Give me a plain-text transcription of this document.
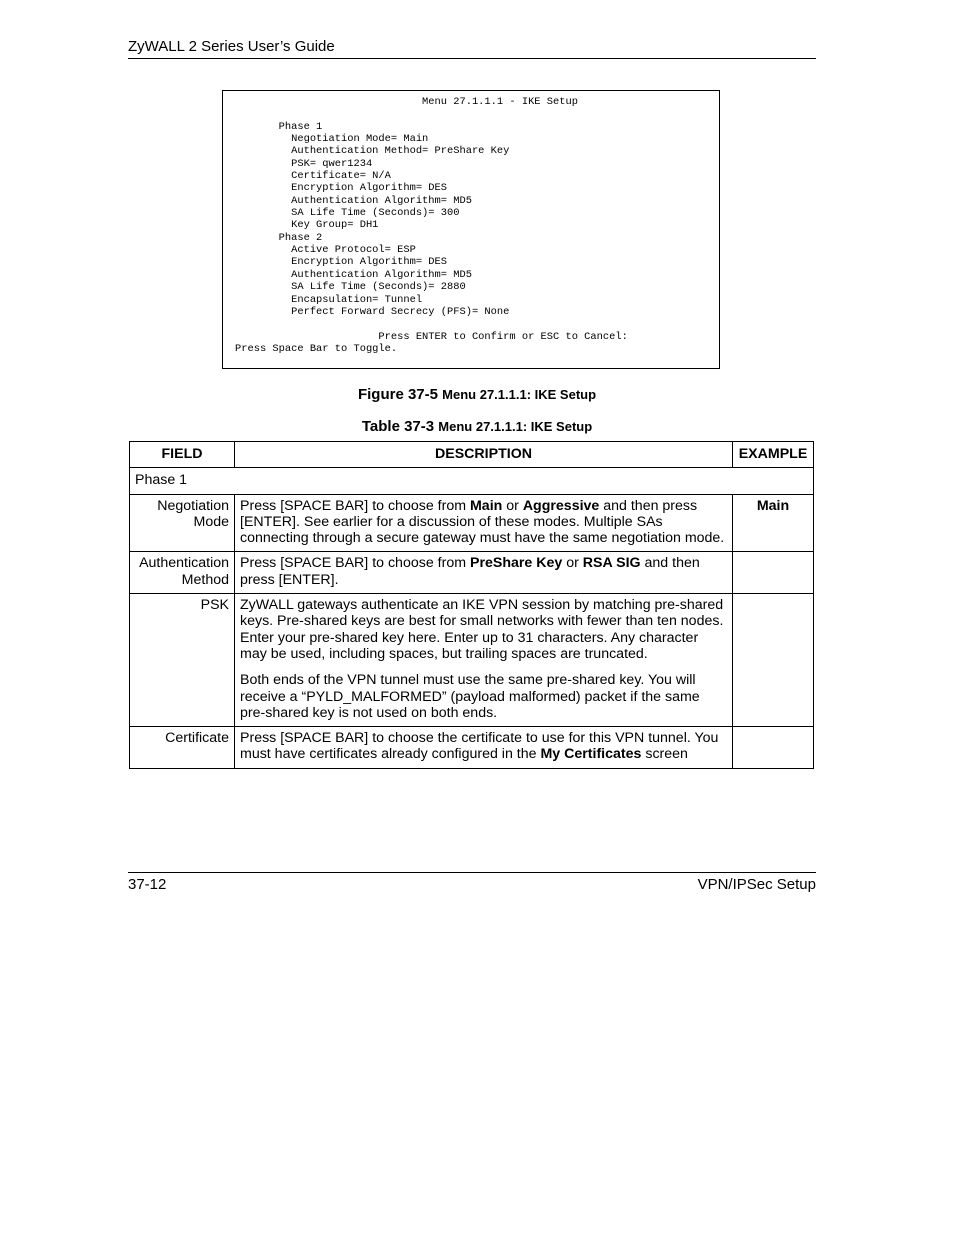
ZyWALL 2 Series User’s Guide
Menu 27.1.1.1 - IKE Setup

Phase 1
Negotiation Mode= Main
Authentication Method= PreShare Key
PSK= qwer1234
Certificate= N/A
Encryption Algorithm= DES
Authentication Algorithm= MD5
SA Life Time (Seconds)= 300
Key Group= DH1
Phase 2
Active Protocol= ESP
Encryption Algorithm= DES
Authentication Algorithm= MD5
SA Life Time (Seconds)= 2880
Encapsulation= Tunnel
Perfect Forward Secrecy (PFS)= None

Press ENTER to Confirm or ESC to Cancel:
Press Space Bar to Toggle.
Figure 37-5 Menu 27.1.1.1: IKE Setup
Table 37-3 Menu 27.1.1.1: IKE Setup
FIELD	DESCRIPTION	EXAMPLE
Phase 1		
Negotiation Mode	Press [SPACE BAR] to choose from Main or Aggressive and then press [ENTER]. See earlier for a discussion of these modes. Multiple SAs connecting through a secure gateway must have the same negotiation mode.	Main
Authentication Method	Press [SPACE BAR] to choose from PreShare Key or RSA SIG and then press [ENTER].	
PSK	ZyWALL gateways authenticate an IKE VPN session by matching pre-shared keys. Pre-shared keys are best for small networks with fewer than ten nodes. Enter your pre-shared key here. Enter up to 31 characters. Any character may be used, including spaces, but trailing spaces are truncated.

Both ends of the VPN tunnel must use the same pre-shared key. You will receive a “PYLD_MALFORMED” (payload malformed) packet if the same pre-shared key is not used on both ends.	

Certificate	Press [SPACE BAR] to choose the certificate to use for this VPN tunnel. You must have certificates already configured in the My Certificates screen	
37-12	VPN/IPSec Setup
